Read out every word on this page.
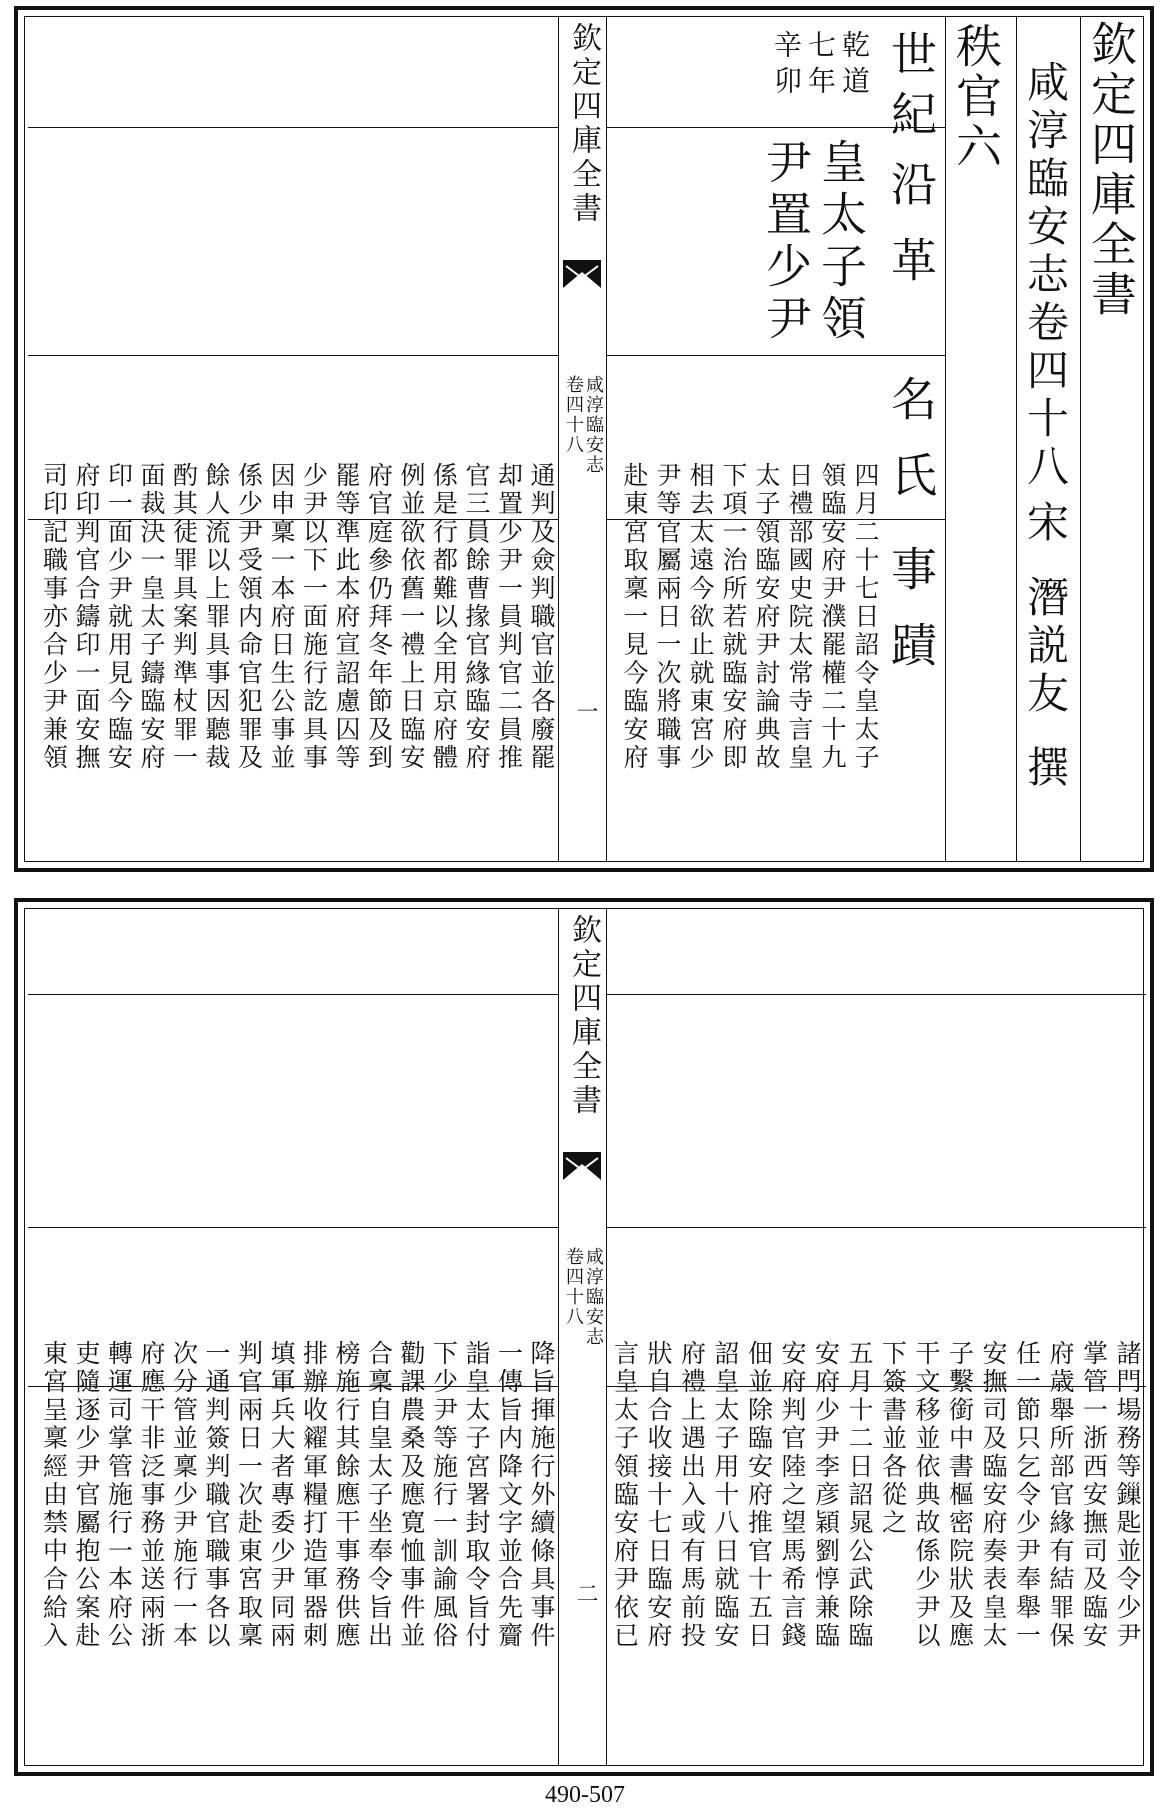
欽定四庫全書
咸淳臨安志卷四十八
宋
潛説友
撰
秩官六
世紀
沿革
名氏
事蹟
乾道
七年
辛卯
皇太子領
尹置少尹
欽定四庫全書
咸淳臨安志
卷四十八
一	四月二十七日詔令皇太子
領臨安府尹濮罷權二十九
日禮部國史院太常寺言皇
太子領臨安府尹討論典故
下項一治所若就臨安府即
相去太遠今欲止就東宮少
尹等官屬兩日一次將職事
赴東宮取稟一見今臨安府
通判及僉判職官並各廢罷
却置少尹一員判官二員推
官三員餘曹掾官緣臨安府
係是行都難以全用京府體
例並欲依舊一禮上日臨安
府官庭參仍拜冬年節及到
罷等準此本府宣詔慮囚等
少尹以下一面施行訖具事
因申稟一本府日生公事並
係少尹受領内命官犯罪及
餘人流以上罪具事因聽裁
酌其徒罪具案判準杖罪一
面裁決一皇太子鑄臨安府
印一面少尹就用見今臨安
府印判官合鑄印一面安撫
司印記職事亦合少尹兼領
欽定四庫全書
咸淳臨安志
卷四十八
二	諸門場務等鏁匙並令少尹
掌管一浙西安撫司及臨安
府歳舉所部官緣有結罪保
任一節只乞令少尹奉舉一
安撫司及臨安府奏表皇太
子繫銜中書樞密院狀及應
干文移並依典故係少尹以
下簽書並各從之
五月十二日詔晁公武除臨
安府少尹李彦穎劉惇兼臨
安府判官陸之望馬希言錢
佃並除臨安府推官十五日
詔皇太子用十八日就臨安
府禮上遇出入或有馬前投
狀自合收接十七日臨安府
言皇太子領臨安府尹依已
降旨揮施行外續條具事件
一傳旨内降文字並合先齎
詣皇太子宮署封取令旨付
下少尹等施行一訓諭風俗
勸課農桑及應寛恤事件並
合稟自皇太子坐奉令旨出
榜施行其餘應干事務供應
排辦收糴軍糧打造軍器刺
填軍兵大者專委少尹同兩
判官兩日一次赴東宮取稟
一通判簽判職官職事各以
次分管並稟少尹施行一本
府應干非泛事務並送兩浙
轉運司掌管施行一本府公
吏隨逐少尹官屬抱公案赴
東宮呈稟經由禁中合給入
490-507
